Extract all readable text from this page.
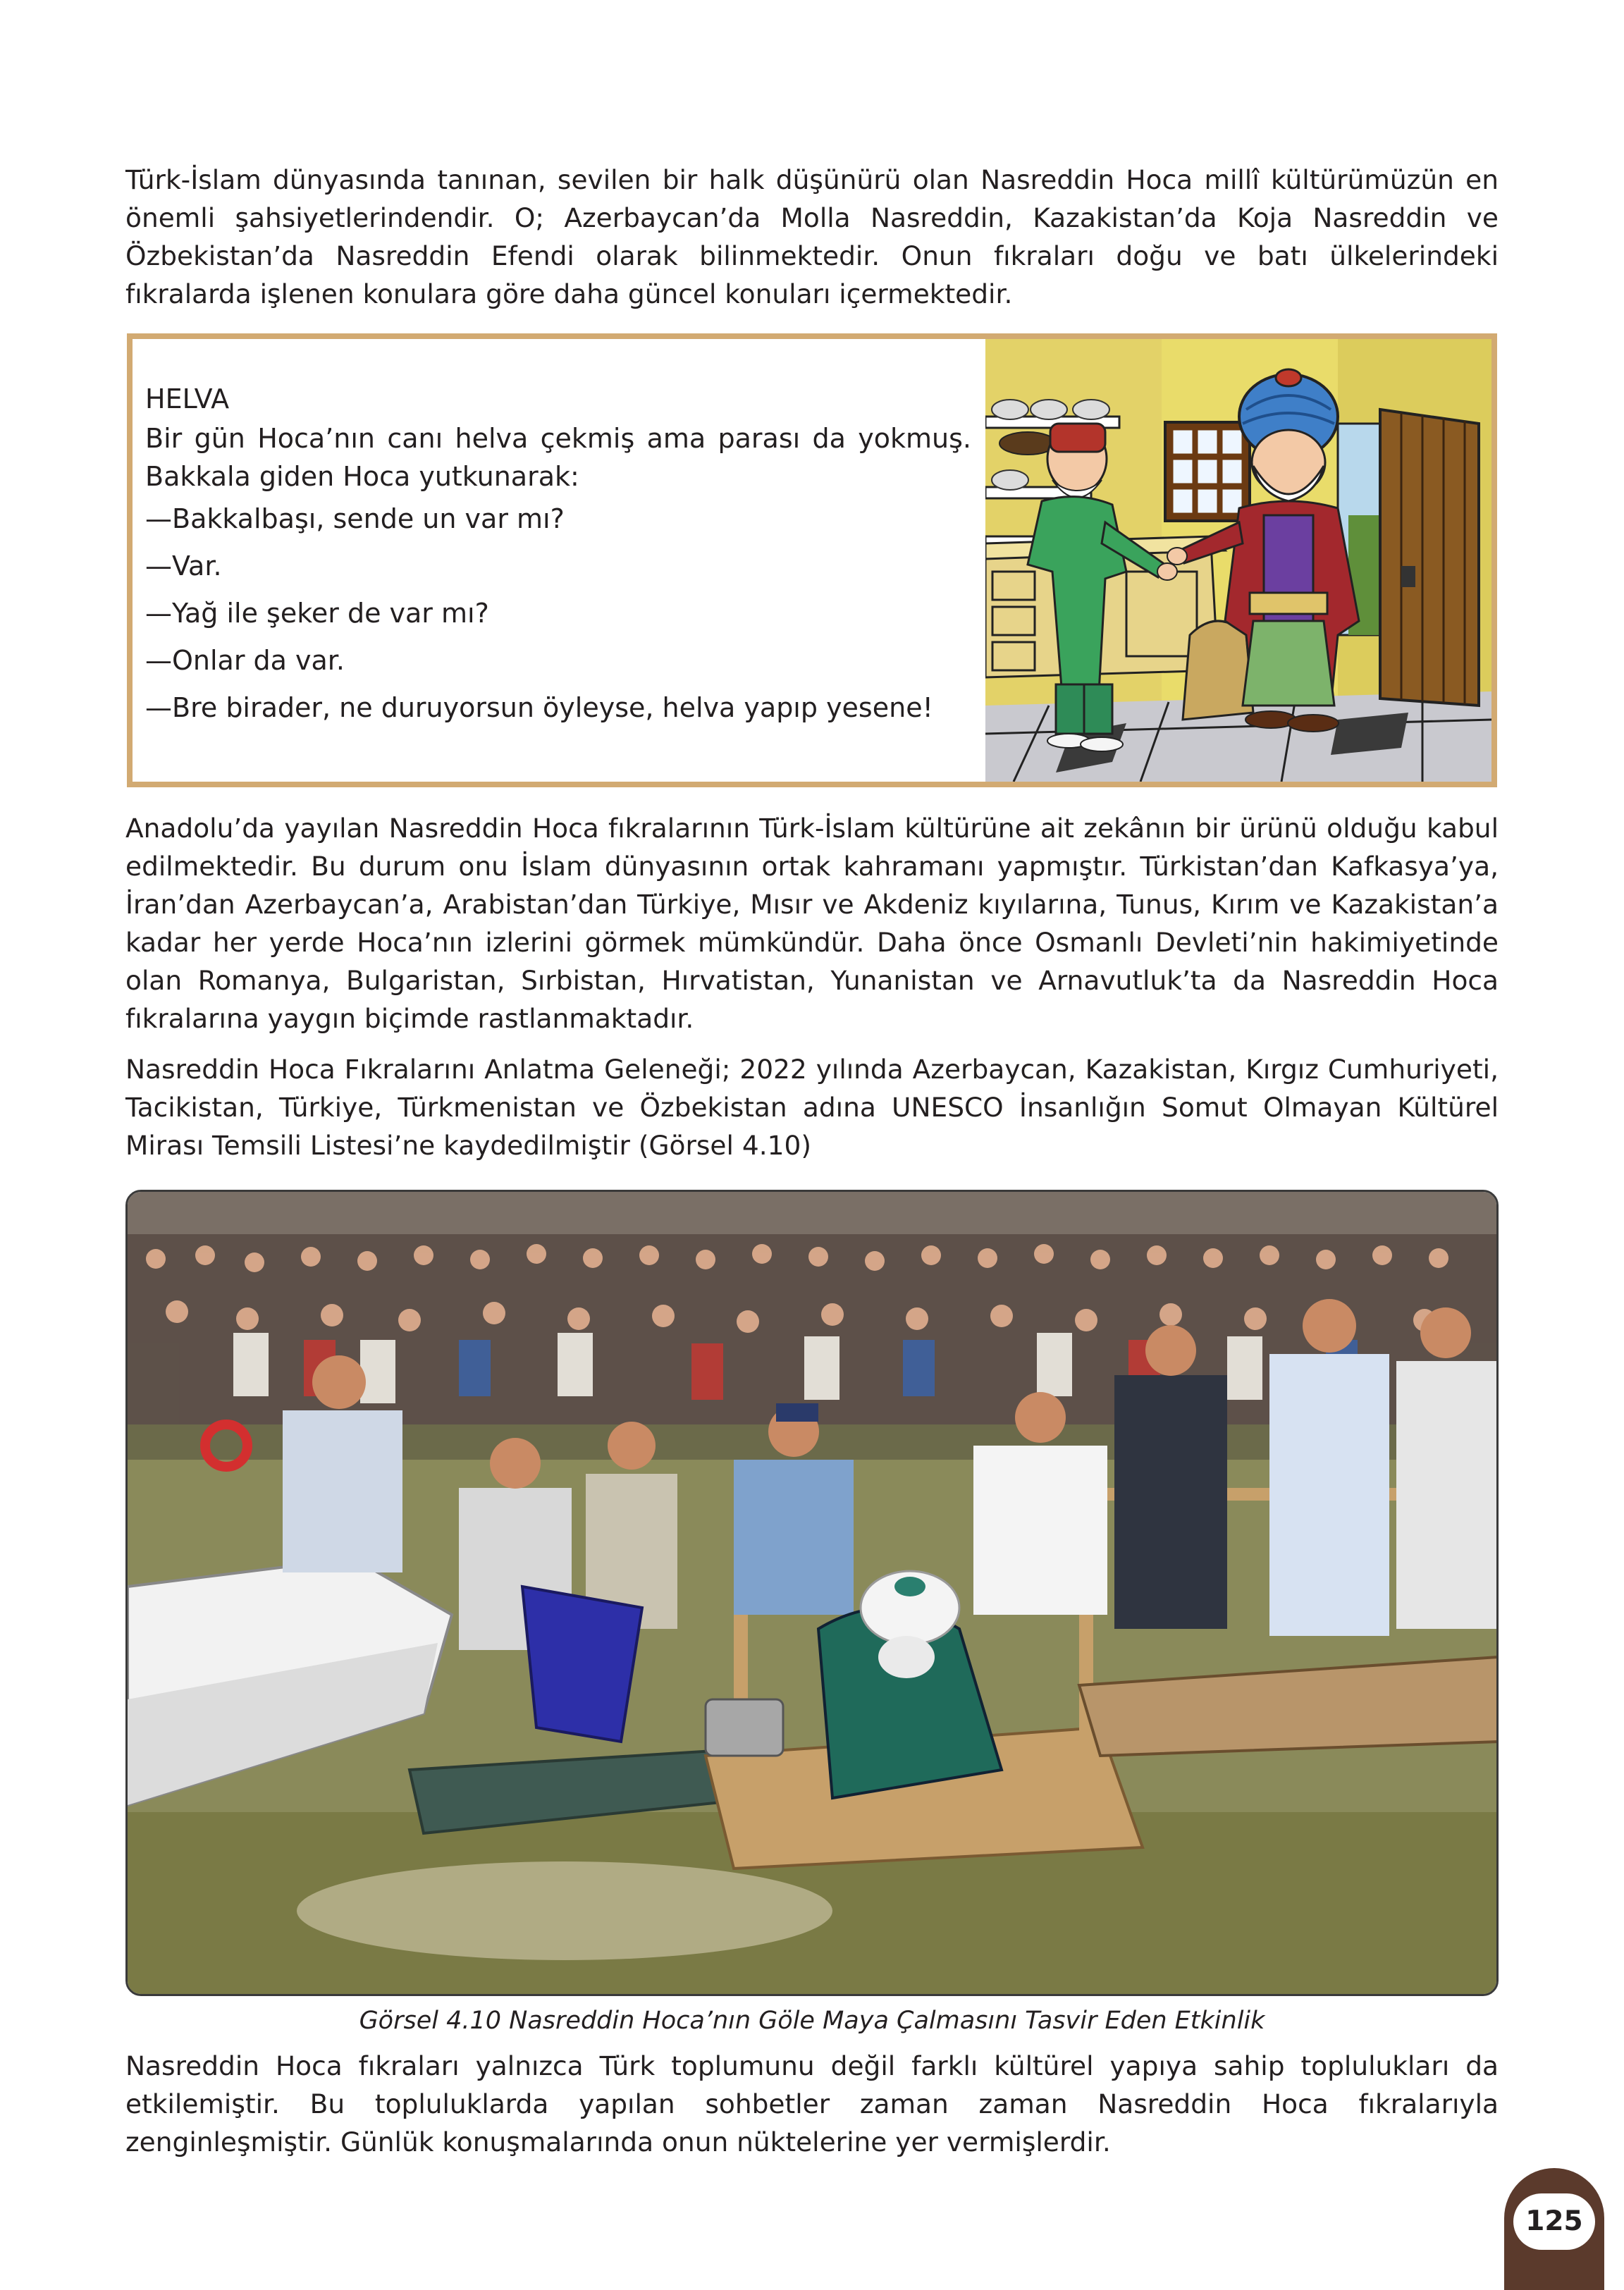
Türk-İslam dünyasında tanınan, sevilen bir halk düşünürü olan Nasreddin Hoca millî kültürümüzün en önemli şahsiyetlerindendir. O; Azerbaycan’da Molla Nasreddin, Kazakistan’da Koja Nasreddin ve Özbekistan’da Nasreddin Efendi olarak bilinmektedir. Onun fıkraları doğu ve batı ülkelerindeki fıkralarda işlenen konulara göre daha güncel konuları içermektedir.

HELVA

Bir gün Hoca’nın canı helva çekmiş ama parası da yokmuş. Bakkala giden Hoca yutkunarak:

—Bakkalbaşı, sende un var mı?

—Var.

—Yağ ile şeker de var mı?

—Onlar da var.

—Bre birader, ne duruyorsun öyleyse, helva yapıp yesene!

Anadolu’da yayılan Nasreddin Hoca fıkralarının Türk-İslam kültürüne ait zekânın bir ürünü olduğu kabul edilmektedir. Bu durum onu İslam dünyasının ortak kahramanı yapmıştır. Türkistan’dan Kafkasya’ya, İran’dan Azerbaycan’a, Arabistan’dan Türkiye, Mısır ve Akdeniz kıyılarına, Tunus, Kırım ve Kazakistan’a kadar her yerde Hoca’nın izlerini görmek mümkündür. Daha önce Osmanlı Devleti’nin hakimiyetinde olan Romanya, Bulgaristan, Sırbistan, Hırvatistan, Yunanistan ve Arnavutluk’ta da Nasreddin Hoca fıkralarına yaygın biçimde rastlanmaktadır.

Nasreddin Hoca Fıkralarını Anlatma Geleneği; 2022 yılında Azerbaycan, Kazakistan, Kırgız Cumhuriyeti, Tacikistan, Türkiye, Türkmenistan ve Özbekistan adına UNESCO İnsanlığın Somut Olmayan Kültürel Mirası Temsili Listesi’ne kaydedilmiştir (Görsel 4.10)

Görsel 4.10 Nasreddin Hoca’nın Göle Maya Çalmasını Tasvir Eden Etkinlik

Nasreddin Hoca fıkraları yalnızca Türk toplumunu değil farklı kültürel yapıya sahip toplulukları da etkilemiştir. Bu topluluklarda yapılan sohbetler zaman zaman Nasreddin Hoca fıkralarıyla zenginleşmiştir. Günlük konuşmalarında onun nüktelerine yer vermişlerdir.

125
